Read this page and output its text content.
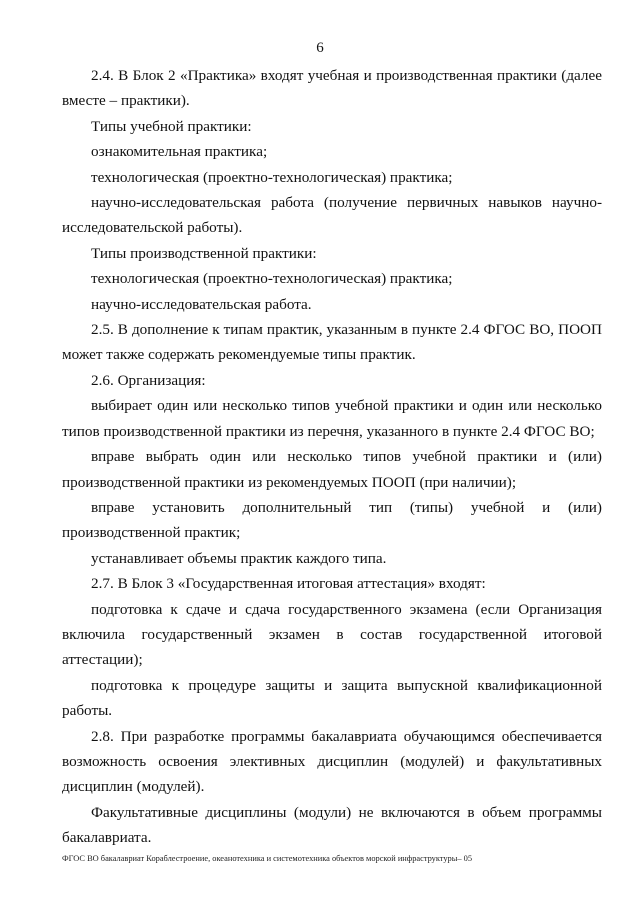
6

2.4. В Блок 2 «Практика» входят учебная и производственная практики (далее вместе – практики).

Типы учебной практики:

ознакомительная практика;

технологическая (проектно-технологическая) практика;

научно-исследовательская работа (получение первичных навыков научно-исследовательской работы).

Типы производственной практики:

технологическая (проектно-технологическая) практика;

научно-исследовательская работа.

2.5. В дополнение к типам практик, указанным в пункте 2.4 ФГОС ВО, ПООП может также содержать рекомендуемые типы практик.

2.6. Организация:

выбирает один или несколько типов учебной практики и один или несколько типов производственной практики из перечня, указанного в пункте 2.4 ФГОС ВО;

вправе выбрать один или несколько типов учебной практики и (или) производственной практики из рекомендуемых ПООП (при наличии);

вправе установить дополнительный тип (типы) учебной и (или) производственной практик;

устанавливает объемы практик каждого типа.

2.7. В Блок 3 «Государственная итоговая аттестация» входят:

подготовка к сдаче и сдача государственного экзамена (если Организация включила государственный экзамен в состав государственной итоговой аттестации);

подготовка к процедуре защиты и защита выпускной квалификационной работы.

2.8. При разработке программы бакалавриата обучающимся обеспечивается возможность освоения элективных дисциплин (модулей) и факультативных дисциплин (модулей).

Факультативные дисциплины (модули) не включаются в объем программы бакалавриата.

ФГОС ВО бакалавриат Кораблестроение, океанотехника и системотехника объектов морской инфраструктуры– 05
